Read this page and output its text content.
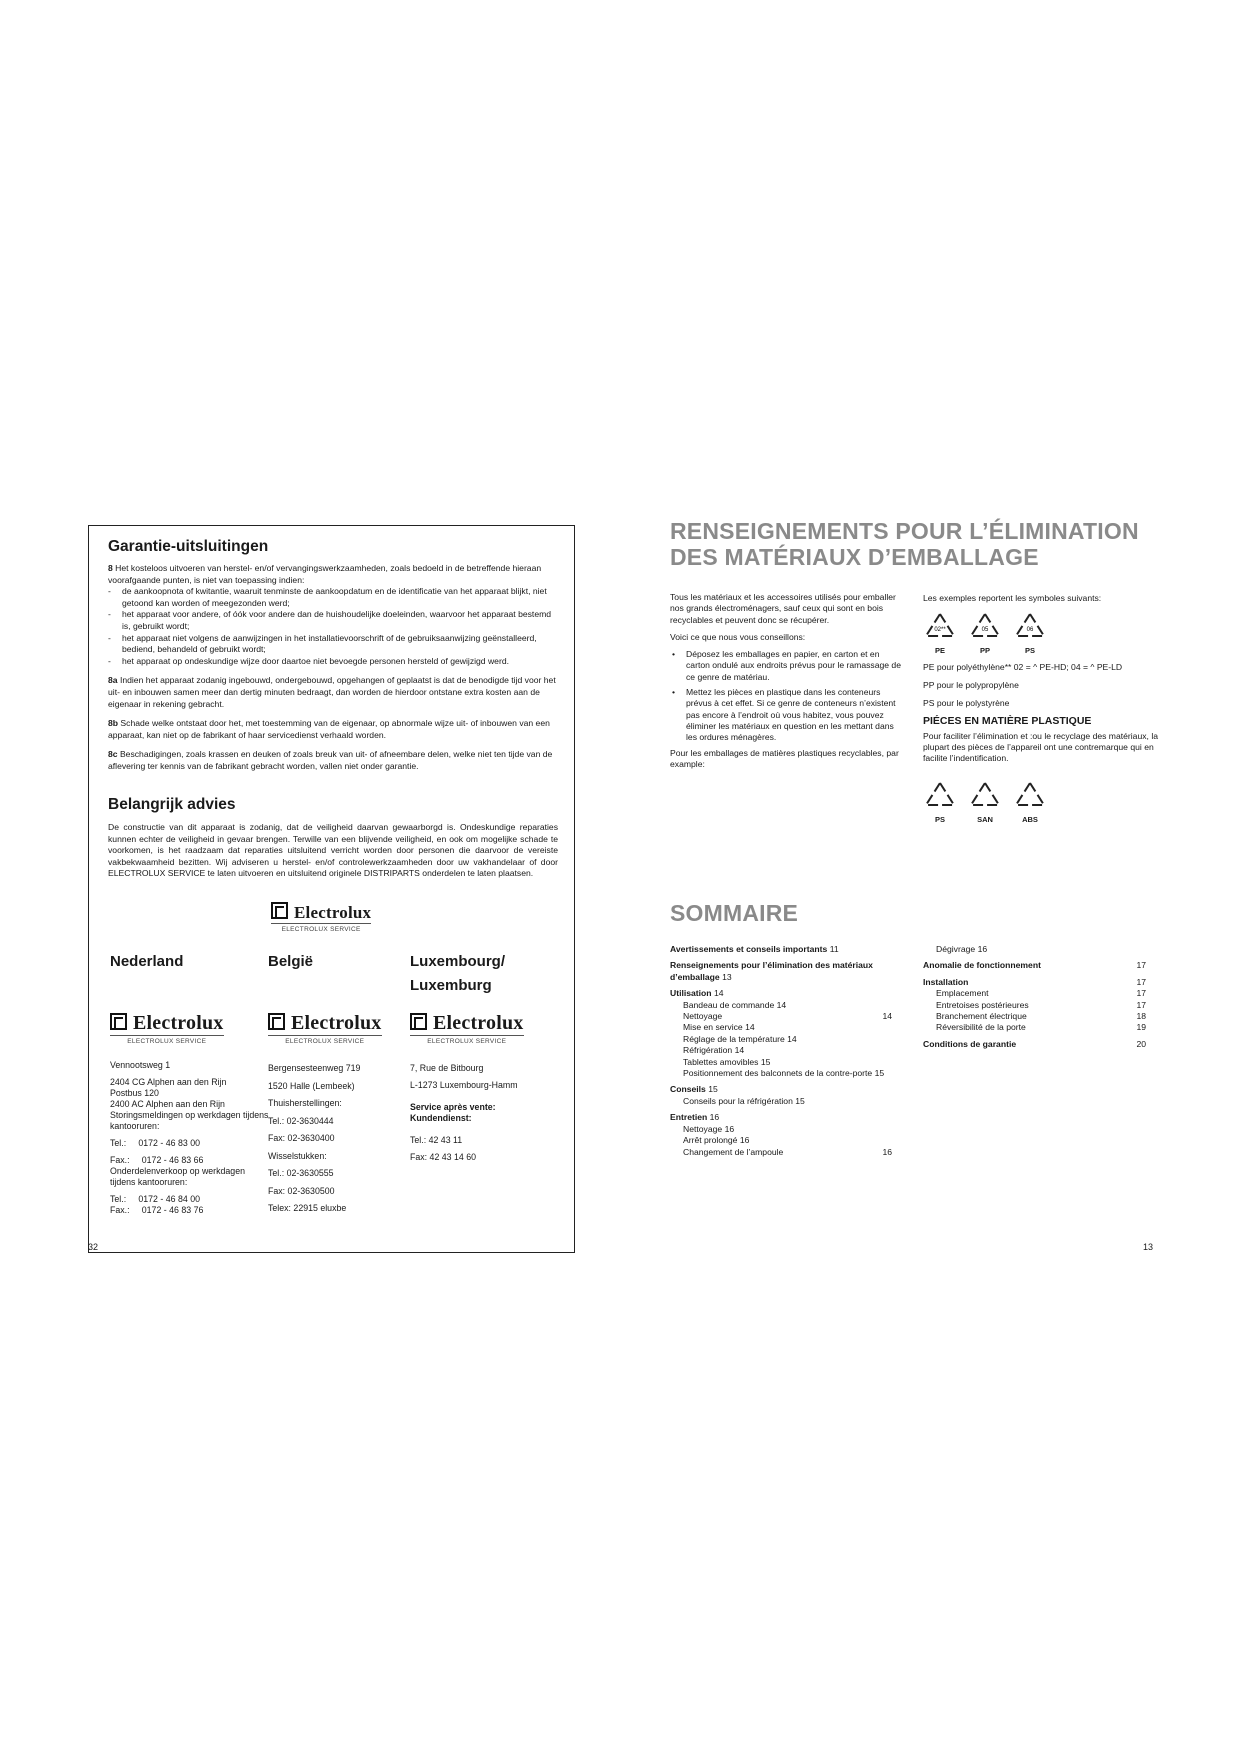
Garantie-uitsluitingen
8 Het kosteloos uitvoeren van herstel- en/of vervangingswerkzaamheden, zoals bedoeld in de betreffende hieraan voorafgaande punten, is niet van toepassing indien:
- de aankoopnota of kwitantie, waaruit tenminste de aankoopdatum en de identificatie van het apparaat blijkt, niet getoond kan worden of meegezonden werd;
- het apparaat voor andere, of óók voor andere dan de huishoudelijke doeleinden, waarvoor het apparaat bestemd is, gebruikt wordt;
- het apparaat niet volgens de aanwijzingen in het installatievoorschrift of de gebruiksaanwijzing geënstalleerd, bediend, behandeld of gebruikt wordt;
- het apparaat op ondeskundige wijze door daartoe niet bevoegde personen hersteld of gewijzigd werd.
8a Indien het apparaat zodanig ingebouwd, ondergebouwd, opgehangen of geplaatst is dat de benodigde tijd voor het uit- en inbouwen samen meer dan dertig minuten bedraagt, dan worden de hierdoor ontstane extra kosten aan de eigenaar in rekening gebracht.
8b Schade welke ontstaat door het, met toestemming van de eigenaar, op abnormale wijze uit- of inbouwen van een apparaat, kan niet op de fabrikant of haar servicedienst verhaald worden.
8c Beschadigingen, zoals krassen en deuken of zoals breuk van uit- of afneembare delen, welke niet ten tijde van de aflevering ter kennis van de fabrikant gebracht worden, vallen niet onder garantie.
Belangrijk advies
De constructie van dit apparaat is zodanig, dat de veiligheid daarvan gewaarborgd is. Ondeskundige reparaties kunnen echter de veiligheid in gevaar brengen. Terwille van een blijvende veiligheid, en ook om mogelijke schade te voorkomen, is het raadzaam dat reparaties uitsluitend verricht worden door personen die daarvoor de vereiste vakbekwaamheid bezitten. Wij adviseren u herstel- en/of controlewerkzaamheden door uw vakhandelaar of door ELECTROLUX SERVICE te laten uitvoeren en uitsluitend originele DISTRIPARTS onderdelen te laten plaatsen.
Electrolux
ELECTROLUX SERVICE
Nederland	België	Luxembourg/ Luxemburg
Electrolux
ELECTROLUX SERVICE
Electrolux
ELECTROLUX SERVICE
Electrolux
ELECTROLUX SERVICE
Vennootsweg 1
2404 CG Alphen aan den Rijn
Postbus 120
2400 AC Alphen aan den Rijn
Storingsmeldingen op werkdagen tijdens kantooruren:
Tel.:     0172 - 46 83 00
Fax.:     0172 - 46 83 66
Onderdelenverkoop op werkdagen tijdens kantooruren:
Tel.:     0172 - 46 84 00
Fax.:     0172 - 46 83 76
Bergensesteenweg 719
1520 Halle (Lembeek)
Thuisherstellingen:
Tel.: 02-3630444
Fax: 02-3630400
Wisselstukken:
Tel.: 02-3630555
Fax: 02-3630500
Telex: 22915 eluxbe
7, Rue de Bitbourg
L-1273 Luxembourg-Hamm
Service après vente: Kundendienst:
Tel.: 42 43 11
Fax: 42 43 14 60
32
RENSEIGNEMENTS POUR L’ÉLIMINATION
DES MATÉRIAUX D’EMBALLAGE
Tous les matériaux et les accessoires utilisés pour emballer nos grands électroménagers, sauf ceux qui sont en bois recyclables et peuvent donc se récupérer.
Voici ce que nous vous conseillons:
• Déposez les emballages en papier, en carton et en carton ondulé aux endroits prévus pour le ramassage de ce genre de matériau.
• Mettez les pièces en plastique dans les conteneurs prévus à cet effet. Si ce genre de conteneurs n’existent pas encore à l’endroit où vous habitez, vous pouvez éliminer les matériaux en question en les mettant dans les ordures ménagères.
Pour les emballages de matières plastiques recyclables, par example:
Les exemples reportent les symboles suivants:
02**
PE
05
PP
06
PS
PE pour polyéthylène** 02 = ^ PE-HD; 04 = ^ PE-LD
PP pour le polypropylène
PS pour le polystyrène
PIÉCES EN MATIÈRE PLASTIQUE
Pour faciliter l’élimination et :ou le recyclage des matériaux, la plupart des pièces de l’appareil ont une contremarque qui en facilite l’indentification.
PS	SAN	ABS
SOMMAIRE
Avertissements et conseils importants 11
Renseignements pour l’élimination des matériaux d’emballage 13
Utilisation 14
Bandeau de commande 14
Nettoyage	14
Mise en service 14
Réglage de la température 14
Réfrigération 14
Tablettes amovibles 15
Positionnement des balconnets de la contre-porte 15
Conseils 15
Conseils pour la réfrigération 15
Entretien 16
Nettoyage 16
Arrêt prolongé 16
Changement de l’ampoule	16
Dégivrage 16
Anomalie de fonctionnement	17
Installation	17
Emplacement	17
Entretoises postérieures	17
Branchement électrique	18
Réversibilité de la porte	19
Conditions de garantie	20
13
